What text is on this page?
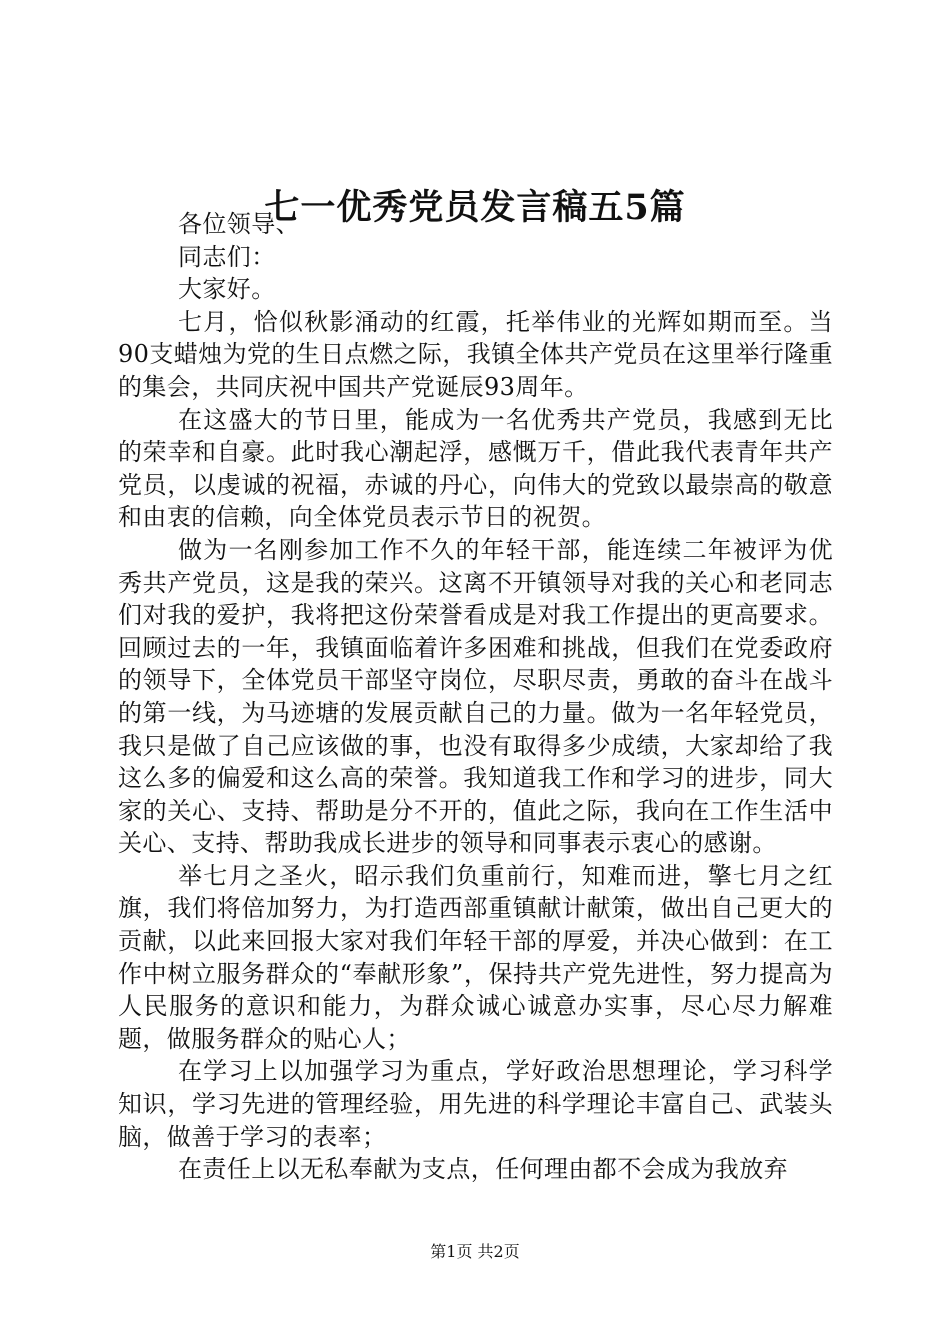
七一优秀党员发言稿五5篇

各位领导、

同志们：

大家好。

七月，恰似秋影涌动的红霞，托举伟业的光辉如期而至。当90支蜡烛为党的生日点燃之际，我镇全体共产党员在这里举行隆重的集会，共同庆祝中国共产党诞辰93周年。

在这盛大的节日里，能成为一名优秀共产党员，我感到无比的荣幸和自豪。此时我心潮起浮，感慨万千，借此我代表青年共产党员，以虔诚的祝福，赤诚的丹心，向伟大的党致以最崇高的敬意和由衷的信赖，向全体党员表示节日的祝贺。

做为一名刚参加工作不久的年轻干部，能连续二年被评为优秀共产党员，这是我的荣兴。这离不开镇领导对我的关心和老同志们对我的爱护，我将把这份荣誉看成是对我工作提出的更高要求。回顾过去的一年，我镇面临着许多困难和挑战，但我们在党委政府的领导下，全体党员干部坚守岗位，尽职尽责，勇敢的奋斗在战斗的第一线，为马迹塘的发展贡献自己的力量。做为一名年轻党员，我只是做了自己应该做的事，也没有取得多少成绩，大家却给了我这么多的偏爱和这么高的荣誉。我知道我工作和学习的进步，同大家的关心、支持、帮助是分不开的，值此之际，我向在工作生活中关心、支持、帮助我成长进步的领导和同事表示衷心的感谢。

举七月之圣火，昭示我们负重前行，知难而进，擎七月之红旗，我们将倍加努力，为打造西部重镇献计献策，做出自己更大的贡献，以此来回报大家对我们年轻干部的厚爱，并决心做到：在工作中树立服务群众的“奉献形象”，保持共产党先进性，努力提高为人民服务的意识和能力，为群众诚心诚意办实事，尽心尽力解难题，做服务群众的贴心人；

在学习上以加强学习为重点，学好政治思想理论，学习科学知识，学习先进的管理经验，用先进的科学理论丰富自己、武装头脑，做善于学习的表率；

在责任上以无私奉献为支点，任何理由都不会成为我放弃

第1页 共2页
